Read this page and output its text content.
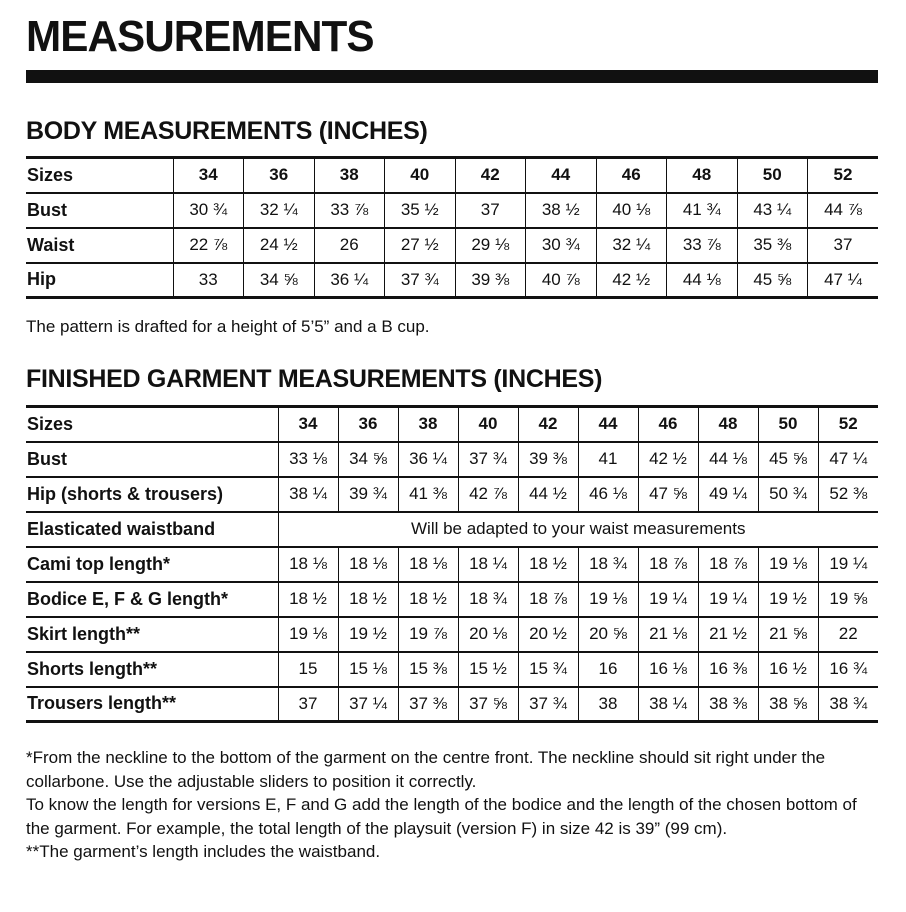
MEASUREMENTS
BODY MEASUREMENTS (INCHES)
Sizes	34	36	38	40	42	44	46	48	50	52
Bust	30 ¾	32 ¼	33 ⅞	35 ½	37	38 ½	40 ⅛	41 ¾	43 ¼	44 ⅞
Waist	22 ⅞	24 ½	26	27 ½	29 ⅛	30 ¾	32 ¼	33 ⅞	35 ⅜	37
Hip	33	34 ⅝	36 ¼	37 ¾	39 ⅜	40 ⅞	42 ½	44 ⅛	45 ⅝	47 ¼

The pattern is drafted for a height of 5’5” and a B cup.

FINISHED GARMENT MEASUREMENTS (INCHES)
Sizes	34	36	38	40	42	44	46	48	50	52
Bust	33 ⅛	34 ⅝	36 ¼	37 ¾	39 ⅜	41	42 ½	44 ⅛	45 ⅝	47 ¼
Hip (shorts & trousers)	38 ¼	39 ¾	41 ⅜	42 ⅞	44 ½	46 ⅛	47 ⅝	49 ¼	50 ¾	52 ⅜
Elasticated waistband	Will be adapted to your waist measurements									
Cami top length*	18 ⅛	18 ⅛	18 ⅛	18 ¼	18 ½	18 ¾	18 ⅞	18 ⅞	19 ⅛	19 ¼
Bodice E, F & G length*	18 ½	18 ½	18 ½	18 ¾	18 ⅞	19 ⅛	19 ¼	19 ¼	19 ½	19 ⅝
Skirt length**	19 ⅛	19 ½	19 ⅞	20 ⅛	20 ½	20 ⅝	21 ⅛	21 ½	21 ⅝	22
Shorts length**	15	15 ⅛	15 ⅜	15 ½	15 ¾	16	16 ⅛	16 ⅜	16 ½	16 ¾
Trousers length**	37	37 ¼	37 ⅜	37 ⅝	37 ¾	38	38 ¼	38 ⅜	38 ⅝	38 ¾

*From the neckline to the bottom of the garment on the centre front. The neckline should sit right under the collarbone. Use the adjustable sliders to position it correctly.

To know the length for versions E, F and G add the length of the bodice and the length of the chosen bottom of the garment. For example, the total length of the playsuit (version F) in size 42 is 39” (99 cm).

**The garment’s length includes the waistband.
